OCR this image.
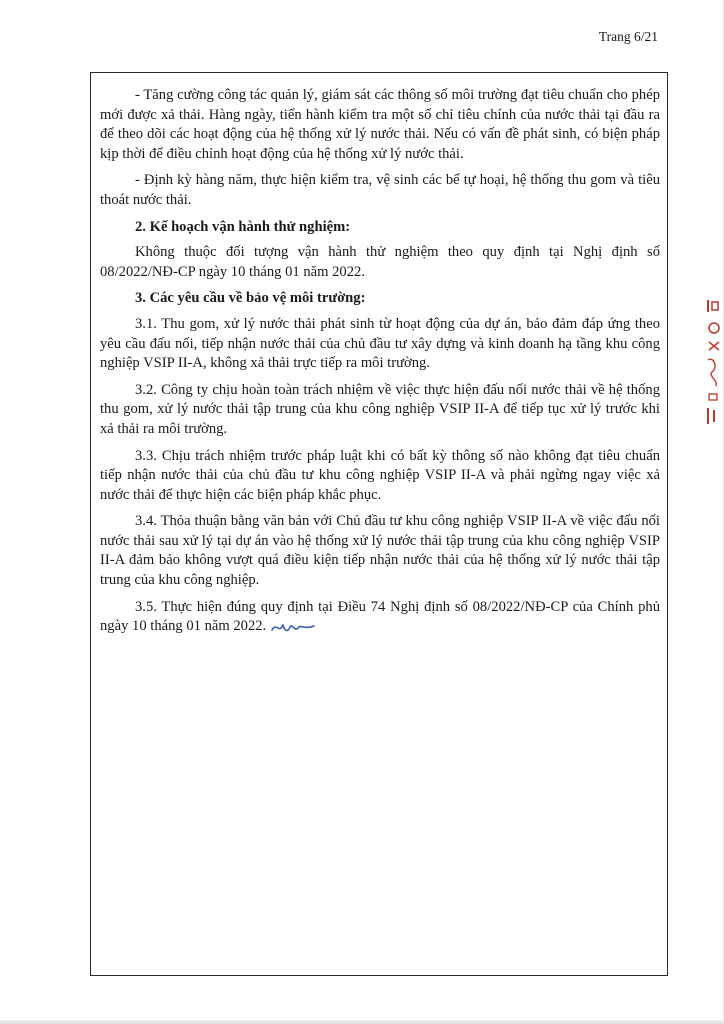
Trang 6/21

- Tăng cường công tác quản lý, giám sát các thông số môi trường đạt tiêu chuẩn cho phép mới được xả thải. Hàng ngày, tiến hành kiểm tra một số chỉ tiêu chính của nước thải tại đầu ra để theo dõi các hoạt động của hệ thống xử lý nước thải. Nếu có vấn đề phát sinh, có biện pháp kịp thời để điều chỉnh hoạt động của hệ thống xử lý nước thải.

- Định kỳ hàng năm, thực hiện kiểm tra, vệ sinh các bể tự hoại, hệ thống thu gom và tiêu thoát nước thải.

2. Kế hoạch vận hành thử nghiệm:

Không thuộc đối tượng vận hành thử nghiệm theo quy định tại Nghị định số 08/2022/NĐ-CP ngày 10 tháng 01 năm 2022.

3. Các yêu cầu về bảo vệ môi trường:

3.1. Thu gom, xử lý nước thải phát sinh từ hoạt động của dự án, bảo đảm đáp ứng theo yêu cầu đấu nối, tiếp nhận nước thải của chủ đầu tư xây dựng và kinh doanh hạ tầng khu công nghiệp VSIP II-A, không xả thải trực tiếp ra môi trường.

3.2. Công ty chịu hoàn toàn trách nhiệm về việc thực hiện đấu nối nước thải về hệ thống thu gom, xử lý nước thải tập trung của khu công nghiệp VSIP II-A để tiếp tục xử lý trước khi xả thải ra môi trường.

3.3. Chịu trách nhiệm trước pháp luật khi có bất kỳ thông số nào không đạt tiêu chuẩn tiếp nhận nước thải của chủ đầu tư khu công nghiệp VSIP II-A và phải ngừng ngay việc xả nước thải để thực hiện các biện pháp khắc phục.

3.4. Thỏa thuận bằng văn bản với Chủ đầu tư khu công nghiệp VSIP II-A về việc đấu nối nước thải sau xử lý tại dự án vào hệ thống xử lý nước thải tập trung của khu công nghiệp VSIP II-A đảm bảo không vượt quá điều kiện tiếp nhận nước thải của hệ thống xử lý nước thải tập trung của khu công nghiệp.

3.5. Thực hiện đúng quy định tại Điều 74 Nghị định số 08/2022/NĐ-CP của Chính phủ ngày 10 tháng 01 năm 2022.
